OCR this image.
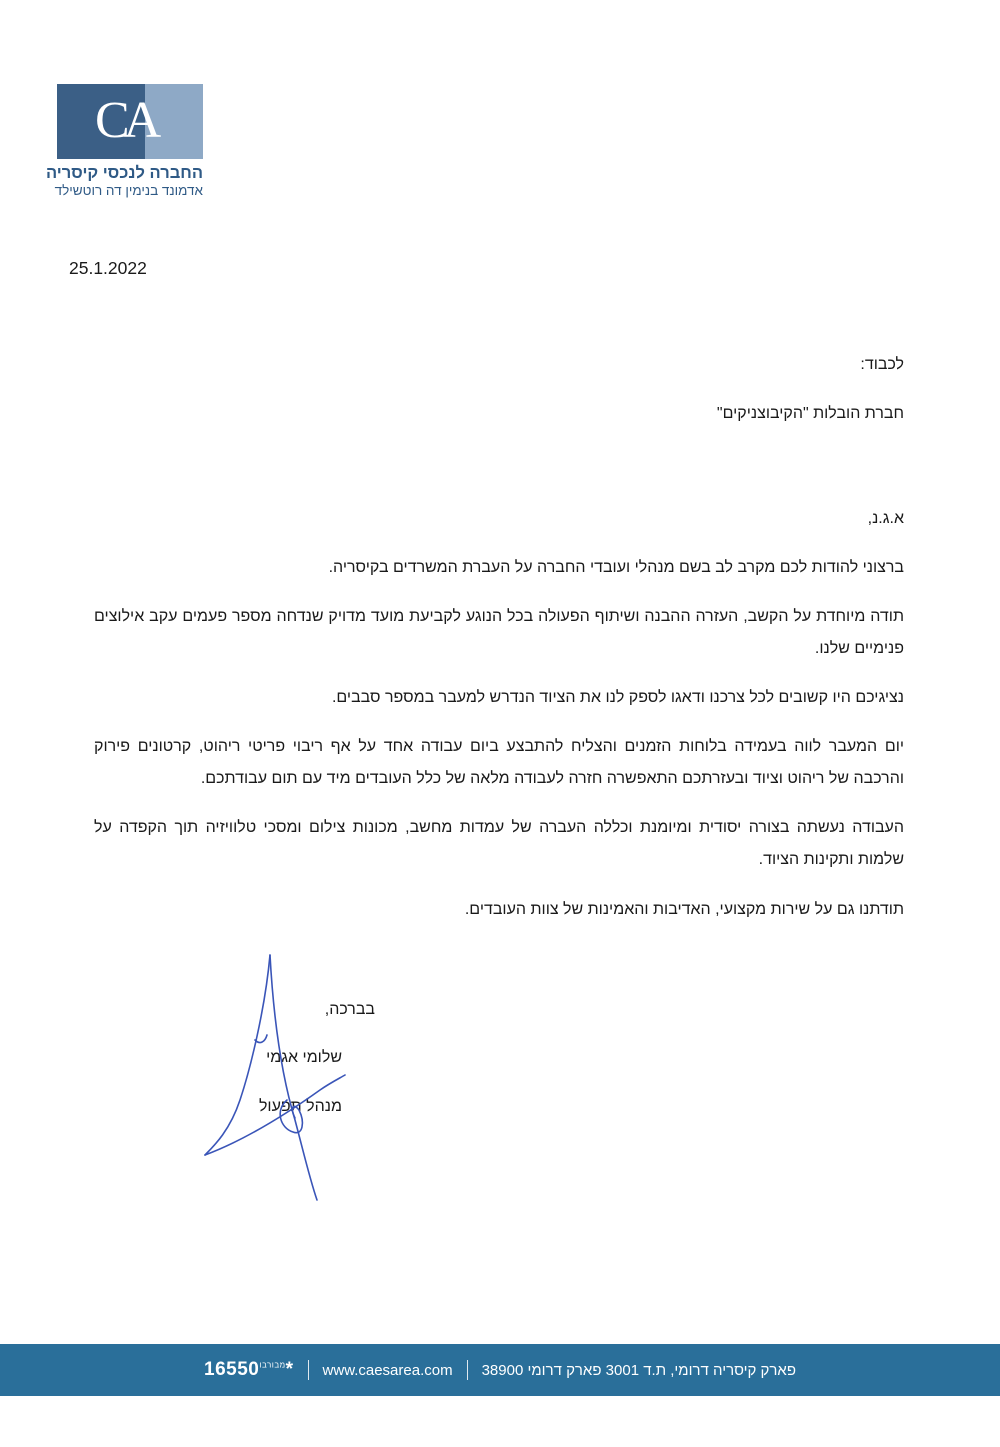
CA
החברה לנכסי קיסריה
אדמונד בנימין דה רוטשילד
25.1.2022
לכבוד:
חברת הובלות "הקיבוצניקים"
א.ג.נ,

ברצוני להודות לכם מקרב לב בשם מנהלי ועובדי החברה על העברת המשרדים בקיסריה.

תודה מיוחדת על הקשב, העזרה ההבנה ושיתוף הפעולה בכל הנוגע לקביעת מועד מדויק שנדחה מספר פעמים עקב אילוצים פנימיים שלנו.

נציגיכם היו קשובים לכל צרכנו ודאגו לספק לנו את הציוד הנדרש למעבר במספר סבבים.

יום המעבר לווה בעמידה בלוחות הזמנים והצליח להתבצע ביום עבודה אחד על אף ריבוי פריטי ריהוט, קרטונים פירוק והרכבה של ריהוט וציוד ובעזרתכם התאפשרה חזרה לעבודה מלאה של כלל העובדים מיד עם תום עבודתכם.

העבודה נעשתה בצורה יסודית ומיומנת וכללה העברה של עמדות מחשב, מכונות צילום ומסכי טלוויזיה תוך הקפדה על שלמות ותקינות הציוד.

תודתנו גם על שירות מקצועי, האדיבות והאמינות של צוות העובדים.

בברכה,
שלומי אגמי
מנהל תפעול
1	$^{מבורבו}$6550* www.caesarea.com פארק קיסריה דרומי, ת.ד 3001 פארק דרומי 38900
